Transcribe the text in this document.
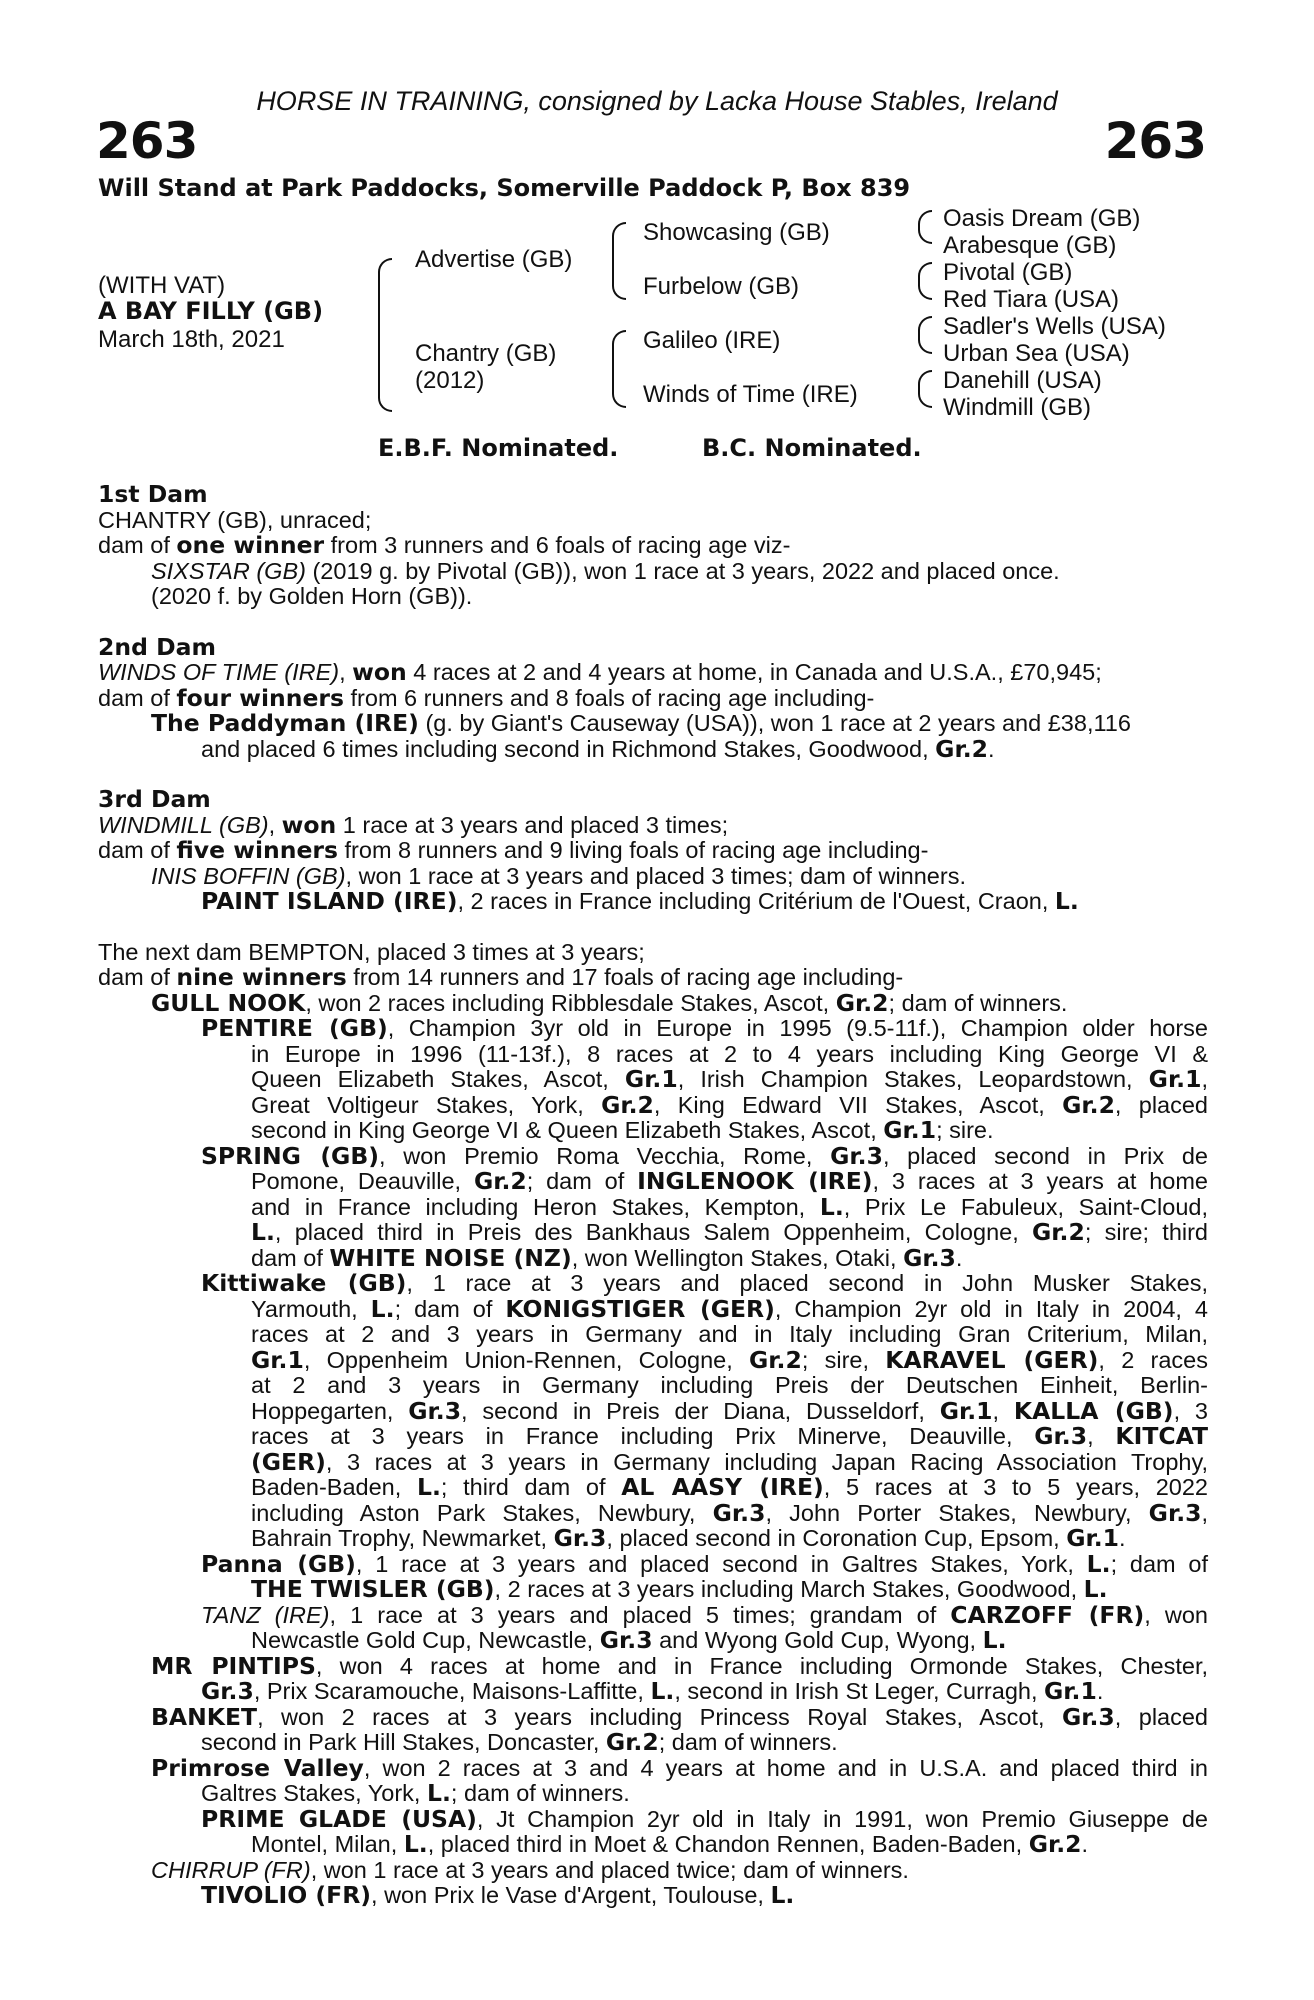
HORSE IN TRAINING, consigned by Lacka House Stables, Ireland
263	263
Will Stand at Park Paddocks, Somerville Paddock P, Box 839
(WITH VAT)
A BAY FILLY (GB)
March 18th, 2021
Advertise (GB)
Chantry (GB)
(2012)
Showcasing (GB)
Furbelow (GB)
Galileo (IRE)
Winds of Time (IRE)
Oasis Dream (GB)
Arabesque (GB)
Pivotal (GB)
Red Tiara (USA)
Sadler's Wells (USA)
Urban Sea (USA)
Danehill (USA)
Windmill (GB)
E.B.F. Nominated.	B.C. Nominated.

1st Dam

CHANTRY (GB), unraced;

dam of one winner from 3 runners and 6 foals of racing age viz-

SIXSTAR (GB) (2019 g. by Pivotal (GB)), won 1 race at 3 years, 2022 and placed once.

(2020 f. by Golden Horn (GB)).

2nd Dam

WINDS OF TIME (IRE), won 4 races at 2 and 4 years at home, in Canada and U.S.A., £70,945;

dam of four winners from 6 runners and 8 foals of racing age including-

The Paddyman (IRE) (g. by Giant's Causeway (USA)), won 1 race at 2 years and £38,116

and placed 6 times including second in Richmond Stakes, Goodwood, Gr.2.

3rd Dam

WINDMILL (GB), won 1 race at 3 years and placed 3 times;

dam of five winners from 8 runners and 9 living foals of racing age including-

INIS BOFFIN (GB), won 1 race at 3 years and placed 3 times; dam of winners.

PAINT ISLAND (IRE), 2 races in France including Critérium de l'Ouest, Craon, L.

The next dam BEMPTON, placed 3 times at 3 years;

dam of nine winners from 14 runners and 17 foals of racing age including-

GULL NOOK, won 2 races including Ribblesdale Stakes, Ascot, Gr.2; dam of winners.

PENTIRE (GB), Champion 3yr old in Europe in 1995 (9.5-11f.), Champion older horse

in Europe in 1996 (11-13f.), 8 races at 2 to 4 years including King George VI &

Queen Elizabeth Stakes, Ascot, Gr.1, Irish Champion Stakes, Leopardstown, Gr.1,

Great Voltigeur Stakes, York, Gr.2, King Edward VII Stakes, Ascot, Gr.2, placed

second in King George VI & Queen Elizabeth Stakes, Ascot, Gr.1; sire.

SPRING (GB), won Premio Roma Vecchia, Rome, Gr.3, placed second in Prix de

Pomone, Deauville, Gr.2; dam of INGLENOOK (IRE), 3 races at 3 years at home

and in France including Heron Stakes, Kempton, L., Prix Le Fabuleux, Saint-Cloud,

L., placed third in Preis des Bankhaus Salem Oppenheim, Cologne, Gr.2; sire; third

dam of WHITE NOISE (NZ), won Wellington Stakes, Otaki, Gr.3.

Kittiwake (GB), 1 race at 3 years and placed second in John Musker Stakes,

Yarmouth, L.; dam of KONIGSTIGER (GER), Champion 2yr old in Italy in 2004, 4

races at 2 and 3 years in Germany and in Italy including Gran Criterium, Milan,

Gr.1, Oppenheim Union-Rennen, Cologne, Gr.2; sire, KARAVEL (GER), 2 races

at 2 and 3 years in Germany including Preis der Deutschen Einheit, Berlin-

Hoppegarten, Gr.3, second in Preis der Diana, Dusseldorf, Gr.1, KALLA (GB), 3

races at 3 years in France including Prix Minerve, Deauville, Gr.3, KITCAT

(GER), 3 races at 3 years in Germany including Japan Racing Association Trophy,

Baden-Baden, L.; third dam of AL AASY (IRE), 5 races at 3 to 5 years, 2022

including Aston Park Stakes, Newbury, Gr.3, John Porter Stakes, Newbury, Gr.3,

Bahrain Trophy, Newmarket, Gr.3, placed second in Coronation Cup, Epsom, Gr.1.

Panna (GB), 1 race at 3 years and placed second in Galtres Stakes, York, L.; dam of

THE TWISLER (GB), 2 races at 3 years including March Stakes, Goodwood, L.

TANZ (IRE), 1 race at 3 years and placed 5 times; grandam of CARZOFF (FR), won

Newcastle Gold Cup, Newcastle, Gr.3 and Wyong Gold Cup, Wyong, L.

MR PINTIPS, won 4 races at home and in France including Ormonde Stakes, Chester,

Gr.3, Prix Scaramouche, Maisons-Laffitte, L., second in Irish St Leger, Curragh, Gr.1.

BANKET, won 2 races at 3 years including Princess Royal Stakes, Ascot, Gr.3, placed

second in Park Hill Stakes, Doncaster, Gr.2; dam of winners.

Primrose Valley, won 2 races at 3 and 4 years at home and in U.S.A. and placed third in

Galtres Stakes, York, L.; dam of winners.

PRIME GLADE (USA), Jt Champion 2yr old in Italy in 1991, won Premio Giuseppe de

Montel, Milan, L., placed third in Moet & Chandon Rennen, Baden-Baden, Gr.2.

CHIRRUP (FR), won 1 race at 3 years and placed twice; dam of winners.

TIVOLIO (FR), won Prix le Vase d'Argent, Toulouse, L.
